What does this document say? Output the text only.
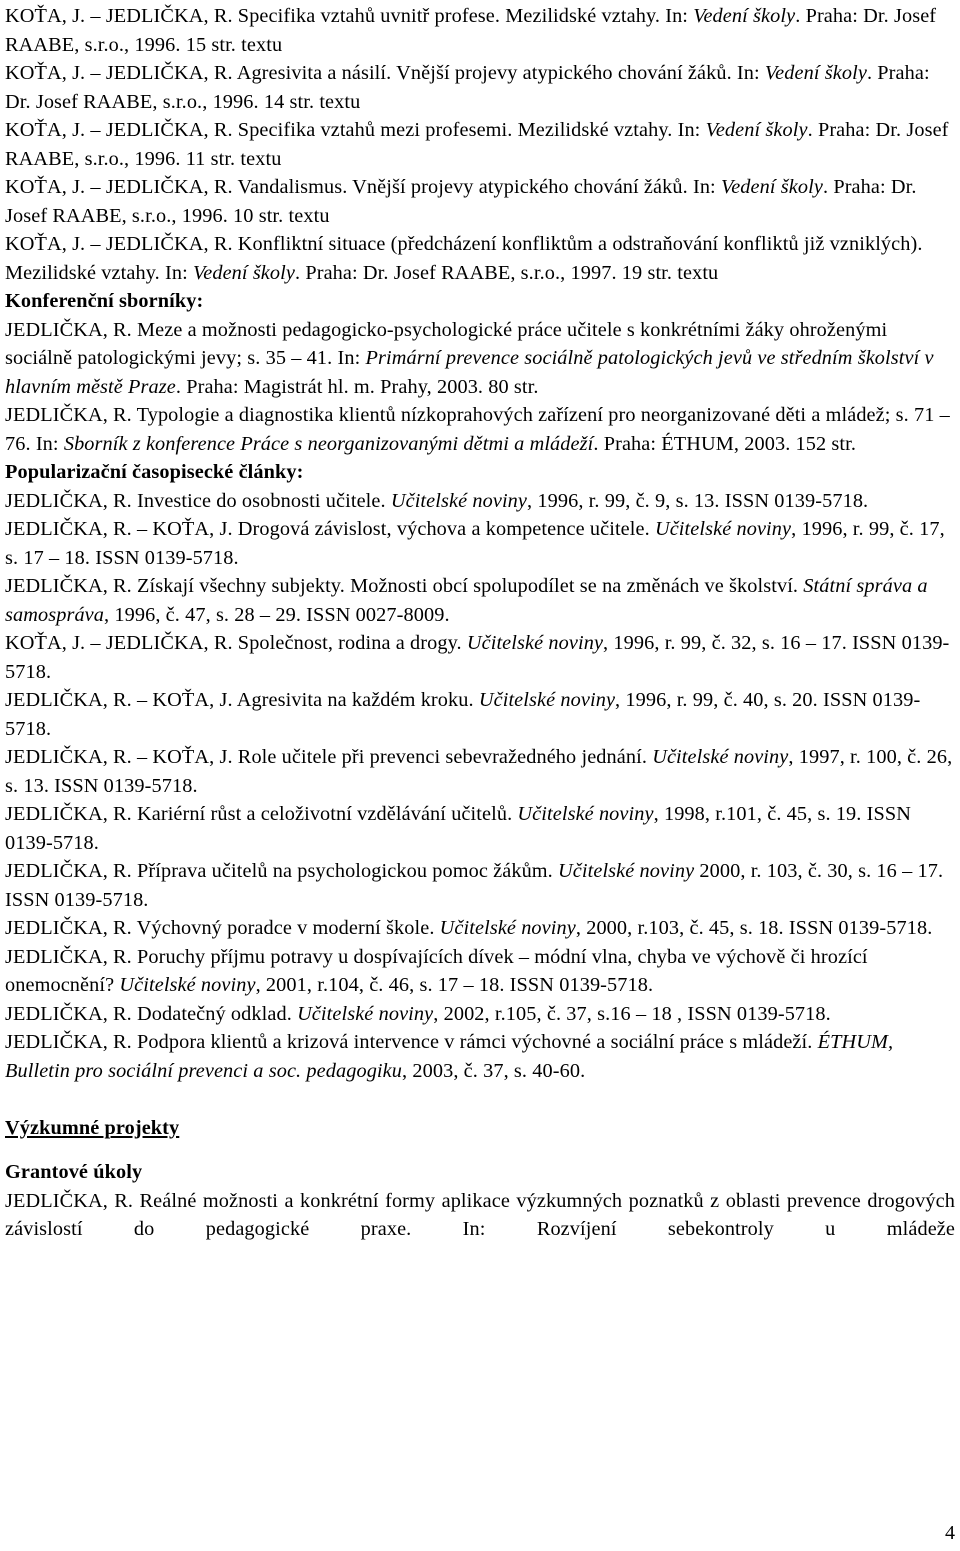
KOŤA, J. – JEDLIČKA, R. Specifika vztahů uvnitř profese. Mezilidské vztahy. In: Vedení školy. Praha: Dr. Josef RAABE, s.r.o., 1996. 15 str. textu

KOŤA, J. – JEDLIČKA, R. Agresivita a násilí. Vnější projevy atypického chování žáků. In: Vedení školy. Praha: Dr. Josef RAABE, s.r.o., 1996. 14 str. textu

KOŤA, J. – JEDLIČKA, R. Specifika vztahů mezi profesemi. Mezilidské vztahy. In: Vedení školy. Praha: Dr. Josef RAABE, s.r.o., 1996. 11 str. textu

KOŤA, J. – JEDLIČKA, R. Vandalismus. Vnější projevy atypického chování žáků. In: Vedení školy. Praha: Dr. Josef RAABE, s.r.o., 1996. 10 str. textu

KOŤA, J. – JEDLIČKA, R. Konfliktní situace (předcházení konfliktům a odstraňování konfliktů již vzniklých). Mezilidské vztahy. In: Vedení školy. Praha: Dr. Josef RAABE, s.r.o., 1997. 19 str. textu

Konferenční sborníky:

JEDLIČKA, R. Meze a možnosti pedagogicko-psychologické práce učitele s konkrétními žáky ohroženými sociálně patologickými jevy; s. 35 – 41. In: Primární prevence sociálně patologických jevů ve středním školství v hlavním městě Praze. Praha: Magistrát hl. m. Prahy, 2003. 80 str.

JEDLIČKA, R. Typologie a diagnostika klientů nízkoprahových zařízení pro neorganizované děti a mládež; s. 71 – 76. In: Sborník z konference Práce s neorganizovanými dětmi a mládeží. Praha: ÉTHUM, 2003. 152 str.

Popularizační časopisecké články:

JEDLIČKA, R. Investice do osobnosti učitele. Učitelské noviny, 1996, r. 99, č. 9, s. 13. ISSN 0139-5718.

JEDLIČKA, R. – KOŤA, J. Drogová závislost, výchova a kompetence učitele. Učitelské noviny, 1996, r. 99, č. 17, s. 17 – 18. ISSN 0139-5718.

JEDLIČKA, R. Získají všechny subjekty. Možnosti obcí spolupodílet se na změnách ve školství. Státní správa a samospráva, 1996, č. 47, s. 28 – 29. ISSN 0027-8009.

KOŤA, J. – JEDLIČKA, R. Společnost, rodina a drogy. Učitelské noviny, 1996, r. 99, č. 32, s. 16 – 17. ISSN 0139-5718.

JEDLIČKA, R. – KOŤA, J. Agresivita na každém kroku. Učitelské noviny, 1996, r. 99, č. 40, s. 20. ISSN 0139-5718.

JEDLIČKA, R. – KOŤA, J. Role učitele při prevenci sebevražedného jednání. Učitelské noviny, 1997, r. 100, č. 26, s. 13. ISSN 0139-5718.

JEDLIČKA, R. Kariérní růst a celoživotní vzdělávání učitelů. Učitelské noviny, 1998, r.101, č. 45, s. 19. ISSN 0139-5718.

JEDLIČKA, R. Příprava učitelů na psychologickou pomoc žákům. Učitelské noviny 2000, r. 103, č. 30, s. 16 – 17. ISSN 0139-5718.

JEDLIČKA, R. Výchovný poradce v moderní škole. Učitelské noviny, 2000, r.103, č. 45, s. 18. ISSN 0139-5718.

JEDLIČKA, R. Poruchy příjmu potravy u dospívajících dívek – módní vlna, chyba ve výchově či hrozící onemocnění? Učitelské noviny, 2001, r.104, č. 46, s. 17 – 18. ISSN 0139-5718.

JEDLIČKA, R. Dodatečný odklad. Učitelské noviny, 2002, r.105, č. 37, s.16 – 18 , ISSN 0139-5718.

JEDLIČKA, R. Podpora klientů a krizová intervence v rámci výchovné a sociální práce s mládeží. ÉTHUM, Bulletin pro sociální prevenci a soc. pedagogiku, 2003, č. 37, s. 40-60.

Výzkumné projekty

Grantové úkoly

JEDLIČKA, R. Reálné možnosti a konkrétní formy aplikace výzkumných poznatků z oblasti prevence drogových závislostí do pedagogické praxe. In: Rozvíjení sebekontroly u mládeže

4
